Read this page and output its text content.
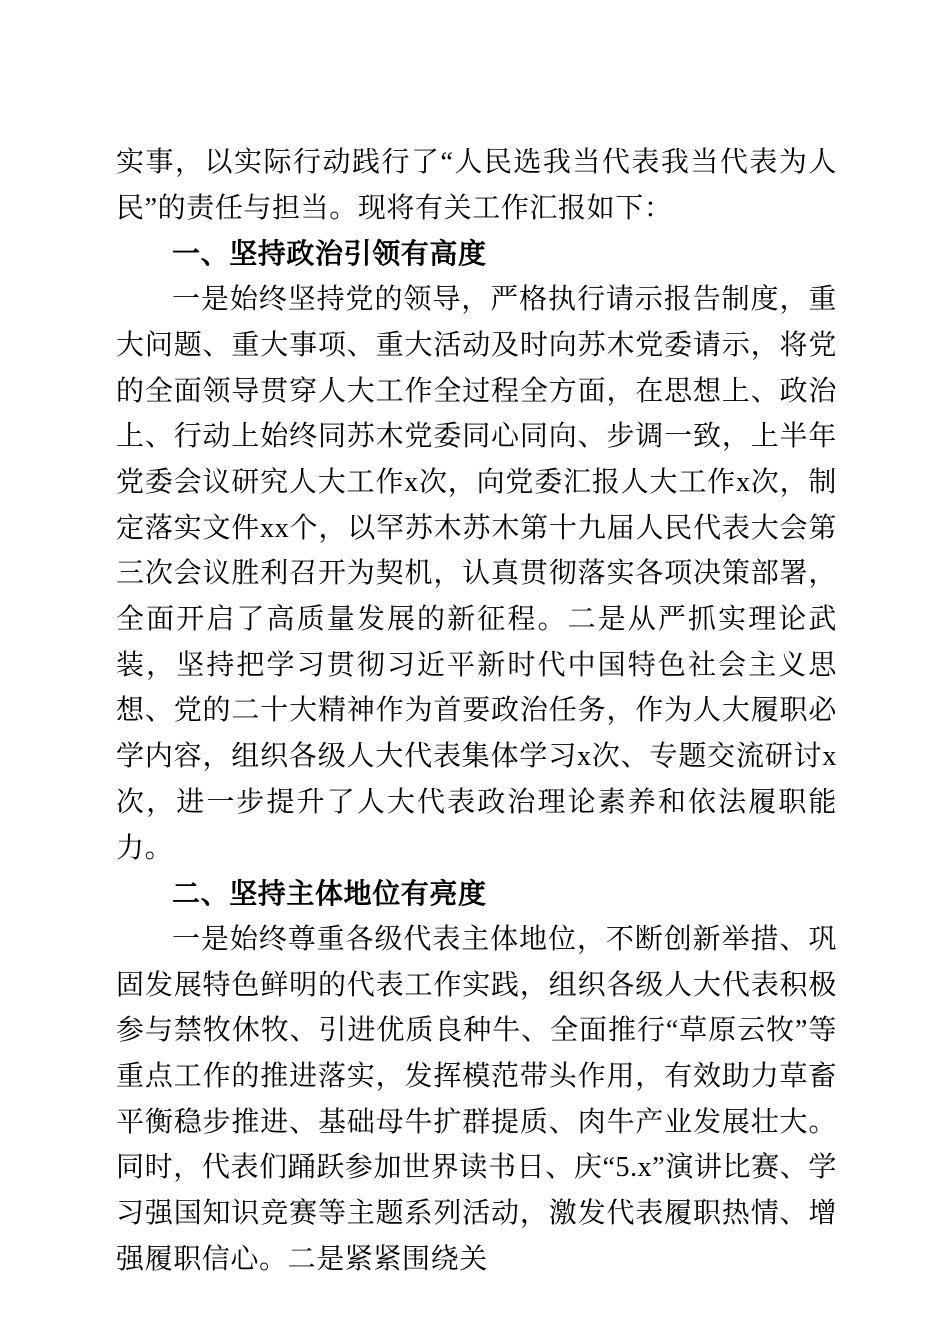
实事，以实际行动践行了“人民选我当代表我当代表为人民”的责任与担当。现将有关工作汇报如下：

一、坚持政治引领有高度

一是始终坚持党的领导，严格执行请示报告制度，重大问题、重大事项、重大活动及时向苏木党委请示，将党的全面领导贯穿人大工作全过程全方面，在思想上、政治上、行动上始终同苏木党委同心同向、步调一致，上半年党委会议研究人大工作x次，向党委汇报人大工作x次，制定落实文件xx个，以罕苏木苏木第十九届人民代表大会第三次会议胜利召开为契机，认真贯彻落实各项决策部署，全面开启了高质量发展的新征程。二是从严抓实理论武装，坚持把学习贯彻习近平新时代中国特色社会主义思想、党的二十大精神作为首要政治任务，作为人大履职必学内容，组织各级人大代表集体学习x次、专题交流研讨x次，进一步提升了人大代表政治理论素养和依法履职能力。

二、坚持主体地位有亮度

一是始终尊重各级代表主体地位，不断创新举措、巩固发展特色鲜明的代表工作实践，组织各级人大代表积极参与禁牧休牧、引进优质良种牛、全面推行“草原云牧”等重点工作的推进落实，发挥模范带头作用，有效助力草畜平衡稳步推进、基础母牛扩群提质、肉牛产业发展壮大。同时，代表们踊跃参加世界读书日、庆“5.x”演讲比赛、学习强国知识竞赛等主题系列活动，激发代表履职热情、增强履职信心。二是紧紧围绕关
